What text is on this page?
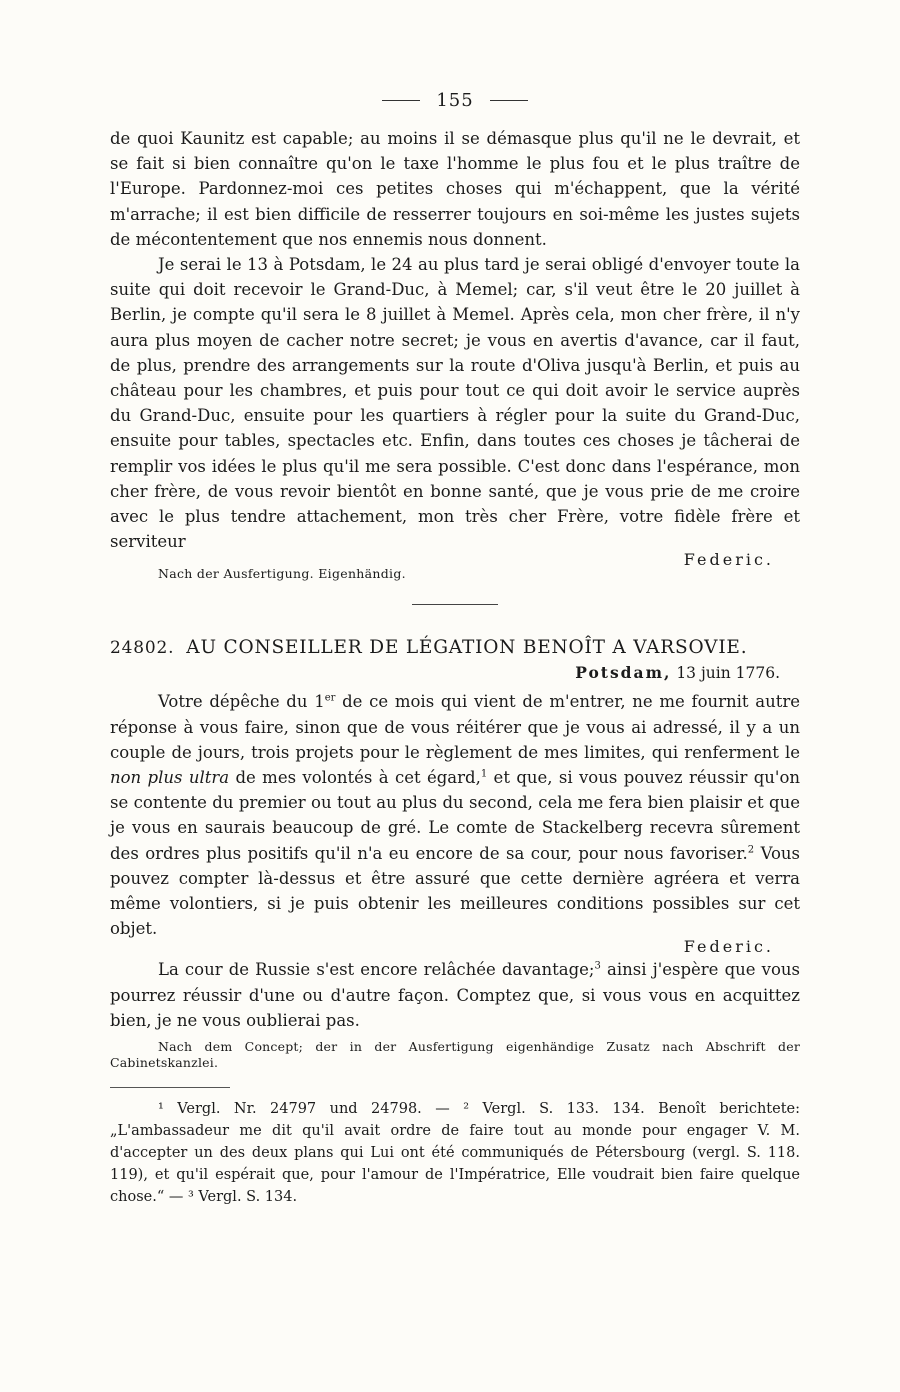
155

de quoi Kaunitz est capable; au moins il se démasque plus qu'il ne le devrait, et se fait si bien connaître qu'on le taxe l'homme le plus fou et le plus traître de l'Europe. Pardonnez-moi ces petites choses qui m'échappent, que la vérité m'arrache; il est bien difficile de resserrer toujours en soi-même les justes sujets de mécontentement que nos ennemis nous donnent.

Je serai le 13 à Potsdam, le 24 au plus tard je serai obligé d'envoyer toute la suite qui doit recevoir le Grand-Duc, à Memel; car, s'il veut être le 20 juillet à Berlin, je compte qu'il sera le 8 juillet à Memel. Après cela, mon cher frère, il n'y aura plus moyen de cacher notre secret; je vous en avertis d'avance, car il faut, de plus, prendre des arrangements sur la route d'Oliva jusqu'à Berlin, et puis au château pour les chambres, et puis pour tout ce qui doit avoir le service auprès du Grand-Duc, ensuite pour les quartiers à régler pour la suite du Grand-Duc, ensuite pour tables, spectacles etc. Enfin, dans toutes ces choses je tâcherai de remplir vos idées le plus qu'il me sera possible. C'est donc dans l'espérance, mon cher frère, de vous revoir bientôt en bonne santé, que je vous prie de me croire avec le plus tendre attachement, mon très cher Frère, votre fidèle frère et serviteur

Federic.
Nach der Ausfertigung. Eigenhändig.
24802. AU CONSEILLER DE LÉGATION BENOÎT A VARSOVIE.
Potsdam, 13 juin 1776.

Votre dépêche du 1er de ce mois qui vient de m'entrer, ne me fournit autre réponse à vous faire, sinon que de vous réitérer que je vous ai adressé, il y a un couple de jours, trois projets pour le règlement de mes limites, qui renferment le non plus ultra de mes volontés à cet égard,$^1$ et que, si vous pouvez réussir qu'on se contente du premier ou tout au plus du second, cela me fera bien plaisir et que je vous en saurais beaucoup de gré. Le comte de Stackelberg recevra sûrement des ordres plus positifs qu'il n'a eu encore de sa cour, pour nous favoriser.$^2$ Vous pouvez compter là-dessus et être assuré que cette dernière agréera et verra même volontiers, si je puis obtenir les meilleures conditions possibles sur cet objet.

Federic.

La cour de Russie s'est encore relâchée davantage;$^3$ ainsi j'espère que vous pourrez réussir d'une ou d'autre façon. Comptez que, si vous vous en acquittez bien, je ne vous oublierai pas.

Nach dem Concept; der in der Ausfertigung eigenhändige Zusatz nach Abschrift der Cabinetskanzlei.
¹ Vergl. Nr. 24797 und 24798. — ² Vergl. S. 133. 134. Benoît berichtete: „L'ambassadeur me dit qu'il avait ordre de faire tout au monde pour engager V. M. d'accepter un des deux plans qui Lui ont été communiqués de Pétersbourg (vergl. S. 118. 119), et qu'il espérait que, pour l'amour de l'Impératrice, Elle voudrait bien faire quelque chose.“ — ³ Vergl. S. 134.
